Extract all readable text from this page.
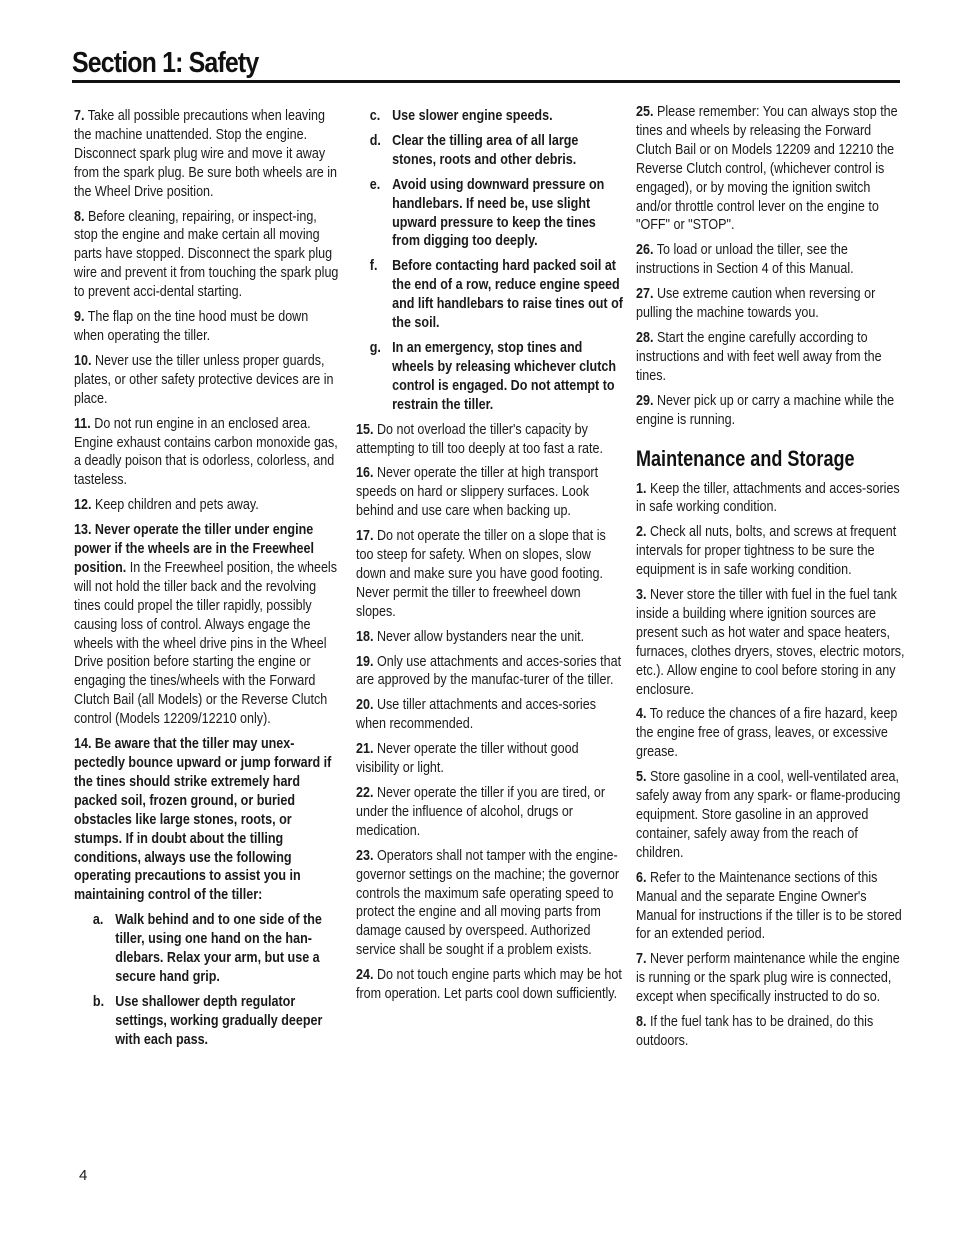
Section 1: Safety

7. Take all possible precautions when leaving the machine unattended. Stop the engine. Disconnect spark plug wire and move it away from the spark plug. Be sure both wheels are in the Wheel Drive position.

8. Before cleaning, repairing, or inspect-ing, stop the engine and make certain all moving parts have stopped. Disconnect the spark plug wire and prevent it from touching the spark plug to prevent acci-dental starting.

9. The flap on the tine hood must be down when operating the tiller.

10. Never use the tiller unless proper guards, plates, or other safety protective devices are in place.

11. Do not run engine in an enclosed area. Engine exhaust contains carbon monoxide gas, a deadly poison that is odorless, colorless, and tasteless.

12. Keep children and pets away.

13. Never operate the tiller under engine power if the wheels are in the Freewheel position. In the Freewheel position, the wheels will not hold the tiller back and the revolving tines could propel the tiller rapidly, possibly causing loss of control. Always engage the wheels with the wheel drive pins in the Wheel Drive position before starting the engine or engaging the tines/wheels with the Forward Clutch Bail (all Models) or the Reverse Clutch control (Models 12209/12210 only).

14. Be aware that the tiller may unex-pectedly bounce upward or jump forward if the tines should strike extremely hard packed soil, frozen ground, or buried obstacles like large stones, roots, or stumps. If in doubt about the tilling conditions, always use the following operating precautions to assist you in maintaining control of the tiller:

a. Walk behind and to one side of the tiller, using one hand on the han-dlebars. Relax your arm, but use a secure hand grip.
b. Use shallower depth regulator settings, working gradually deeper with each pass.
c. Use slower engine speeds.
d. Clear the tilling area of all large stones, roots and other debris.
e. Avoid using downward pressure on handlebars. If need be, use slight upward pressure to keep the tines from digging too deeply.
f.	Before contacting hard packed soil at the end of a row, reduce engine speed and lift handlebars to raise tines out of the soil.
g. In an emergency, stop tines and wheels by releasing whichever clutch control is engaged. Do not attempt to restrain the tiller.

15. Do not overload the tiller's capacity by attempting to till too deeply at too fast a rate.

16. Never operate the tiller at high transport speeds on hard or slippery surfaces. Look behind and use care when backing up.

17. Do not operate the tiller on a slope that is too steep for safety. When on slopes, slow down and make sure you have good footing. Never permit the tiller to freewheel down slopes.

18. Never allow bystanders near the unit.

19. Only use attachments and acces-sories that are approved by the manufac-turer of the tiller.

20. Use tiller attachments and acces-sories when recommended.

21. Never operate the tiller without good visibility or light.

22. Never operate the tiller if you are tired, or under the influence of alcohol, drugs or medication.

23. Operators shall not tamper with the engine-governor settings on the machine; the governor controls the maximum safe operating speed to protect the engine and all moving parts from damage caused by overspeed. Authorized service shall be sought if a problem exists.

24. Do not touch engine parts which may be hot from operation. Let parts cool down sufficiently.

25. Please remember: You can always stop the tines and wheels by releasing the Forward Clutch Bail or on Models 12209 and 12210 the Reverse Clutch control, (whichever control is engaged), or by moving the ignition switch and/or throttle control lever on the engine to "OFF" or "STOP".

26. To load or unload the tiller, see the instructions in Section 4 of this Manual.

27. Use extreme caution when reversing or pulling the machine towards you.

28. Start the engine carefully according to instructions and with feet well away from the tines.

29. Never pick up or carry a machine while the engine is running.

Maintenance and Storage

1. Keep the tiller, attachments and acces-sories in safe working condition.

2. Check all nuts, bolts, and screws at frequent intervals for proper tightness to be sure the equipment is in safe working condition.

3. Never store the tiller with fuel in the fuel tank inside a building where ignition sources are present such as hot water and space heaters, furnaces, clothes dryers, stoves, electric motors, etc.). Allow engine to cool before storing in any enclosure.

4. To reduce the chances of a fire hazard, keep the engine free of grass, leaves, or excessive grease.

5. Store gasoline in a cool, well-ventilated area, safely away from any spark- or flame-producing equipment. Store gasoline in an approved container, safely away from the reach of children.

6. Refer to the Maintenance sections of this Manual and the separate Engine Owner's Manual for instructions if the tiller is to be stored for an extended period.

7. Never perform maintenance while the engine is running or the spark plug wire is connected, except when specifically instructed to do so.

8. If the fuel tank has to be drained, do this outdoors.

4
